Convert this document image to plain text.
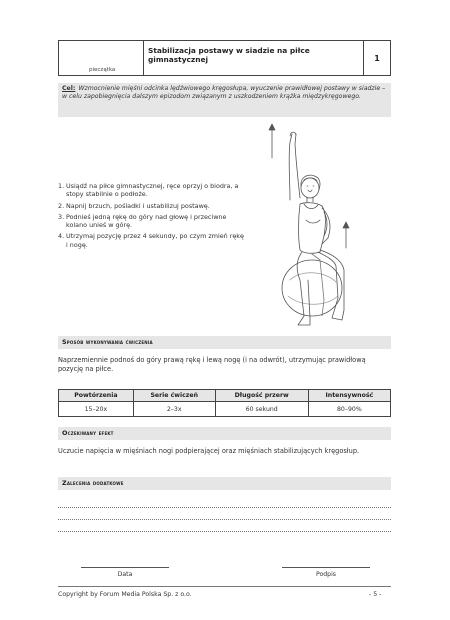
pieczątka
Stabilizacja postawy w siadzie na piłce gimnastycznej	1
Cel: Wzmocnienie mięśni odcinka lędźwiowego kręgosłupa, wyuczenie prawidłowej postawy w siadzie – w celu zapobiegnięcia dalszym epizodom związanym z uszkodzeniem krążka międzykręgowego.
1. Usiądź na piłce gimnastycznej, ręce oprzyj o biodra, a stopy stabilnie o podłoże.
2. Napnij brzuch, pośladki i ustabilizuj postawę.
3. Podnieś jedną rękę do góry nad głowę i przeciwne kolano unieś w górę.
4. Utrzymaj pozycję przez 4 sekundy, po czym zmień rękę i nogę.
Sposób wykonywania ćwiczenia
Naprzemiennie podnoś do góry prawą rękę i lewą nogę (i na odwrót), utrzymując prawidłową pozycję na piłce.
Powtórzenia	Serie ćwiczeń	Długość przerw	Intensywność
15–20x	2–3x	60 sekund	80–90%
Oczekiwany efekt
Uczucie napięcia w mięśniach nogi podpierającej oraz mięśniach stabilizujących kręgosłup.
Zalecenia dodatkowe
Data	Podpis
Copyright by Forum Media Polska Sp. z o.o.	- 5 -
